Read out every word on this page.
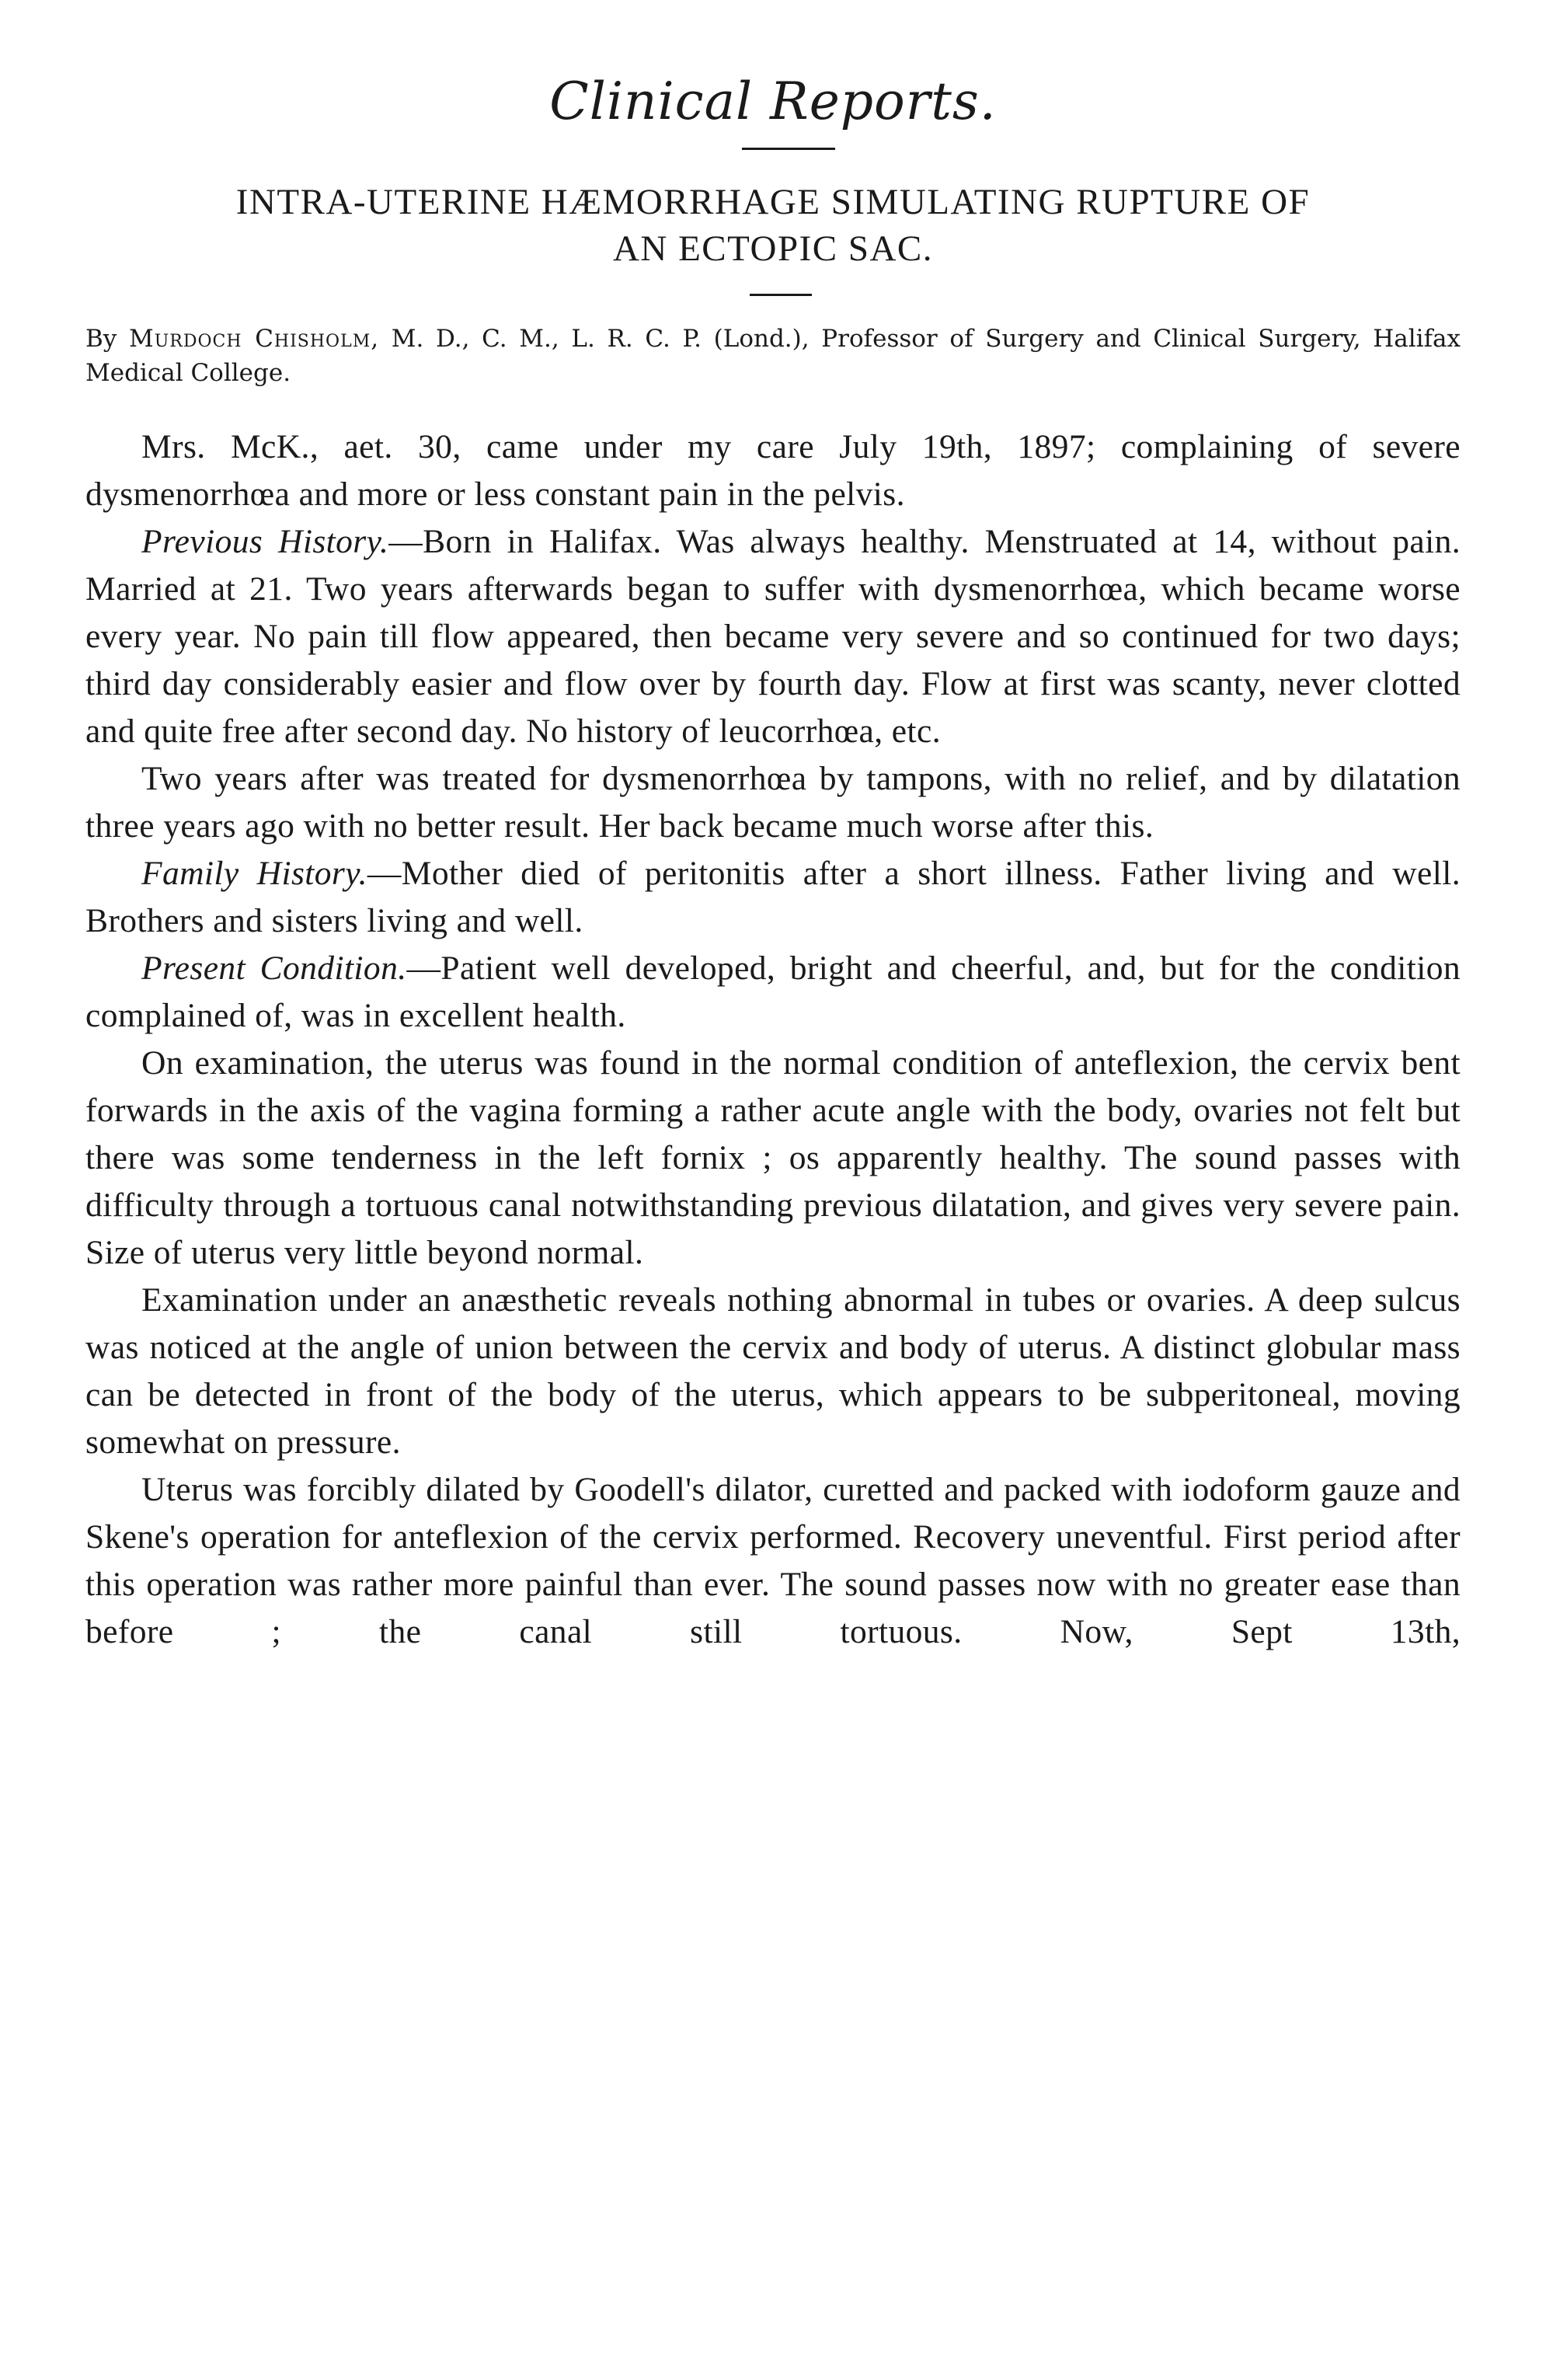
Clinical Reports.
INTRA-UTERINE HÆMORRHAGE SIMULATING RUPTURE OF
AN ECTOPIC SAC.
By Murdoch Chisholm, M. D., C. M., L. R. C. P. (Lond.), Professor of Surgery and Clinical Surgery, Halifax Medical College.

Mrs. McK., aet. 30, came under my care July 19th, 1897; complaining of severe dysmenorrhœa and more or less constant pain in the pelvis.

Previous History.—Born in Halifax. Was always healthy. Menstruated at 14, without pain. Married at 21. Two years afterwards began to suffer with dysmenorrhœa, which became worse every year. No pain till flow appeared, then became very severe and so continued for two days; third day considerably easier and flow over by fourth day. Flow at first was scanty, never clotted and quite free after second day. No history of leucorrhœa, etc.

Two years after was treated for dysmenorrhœa by tampons, with no relief, and by dilatation three years ago with no better result. Her back became much worse after this.

Family History.—Mother died of peritonitis after a short illness. Father living and well. Brothers and sisters living and well.

Present Condition.—Patient well developed, bright and cheerful, and, but for the condition complained of, was in excellent health.

On examination, the uterus was found in the normal condition of anteflexion, the cervix bent forwards in the axis of the vagina forming a rather acute angle with the body, ovaries not felt but there was some tenderness in the left fornix ; os apparently healthy. The sound passes with difficulty through a tortuous canal notwithstanding previous dilatation, and gives very severe pain. Size of uterus very little beyond normal.

Examination under an anæsthetic reveals nothing abnormal in tubes or ovaries. A deep sulcus was noticed at the angle of union between the cervix and body of uterus. A distinct globular mass can be detected in front of the body of the uterus, which appears to be subperitoneal, moving somewhat on pressure.

Uterus was forcibly dilated by Goodell's dilator, curetted and packed with iodoform gauze and Skene's operation for anteflexion of the cervix performed. Recovery uneventful. First period after this operation was rather more painful than ever. The sound passes now with no greater ease than before ; the canal still tortuous. Now, Sept 13th,
